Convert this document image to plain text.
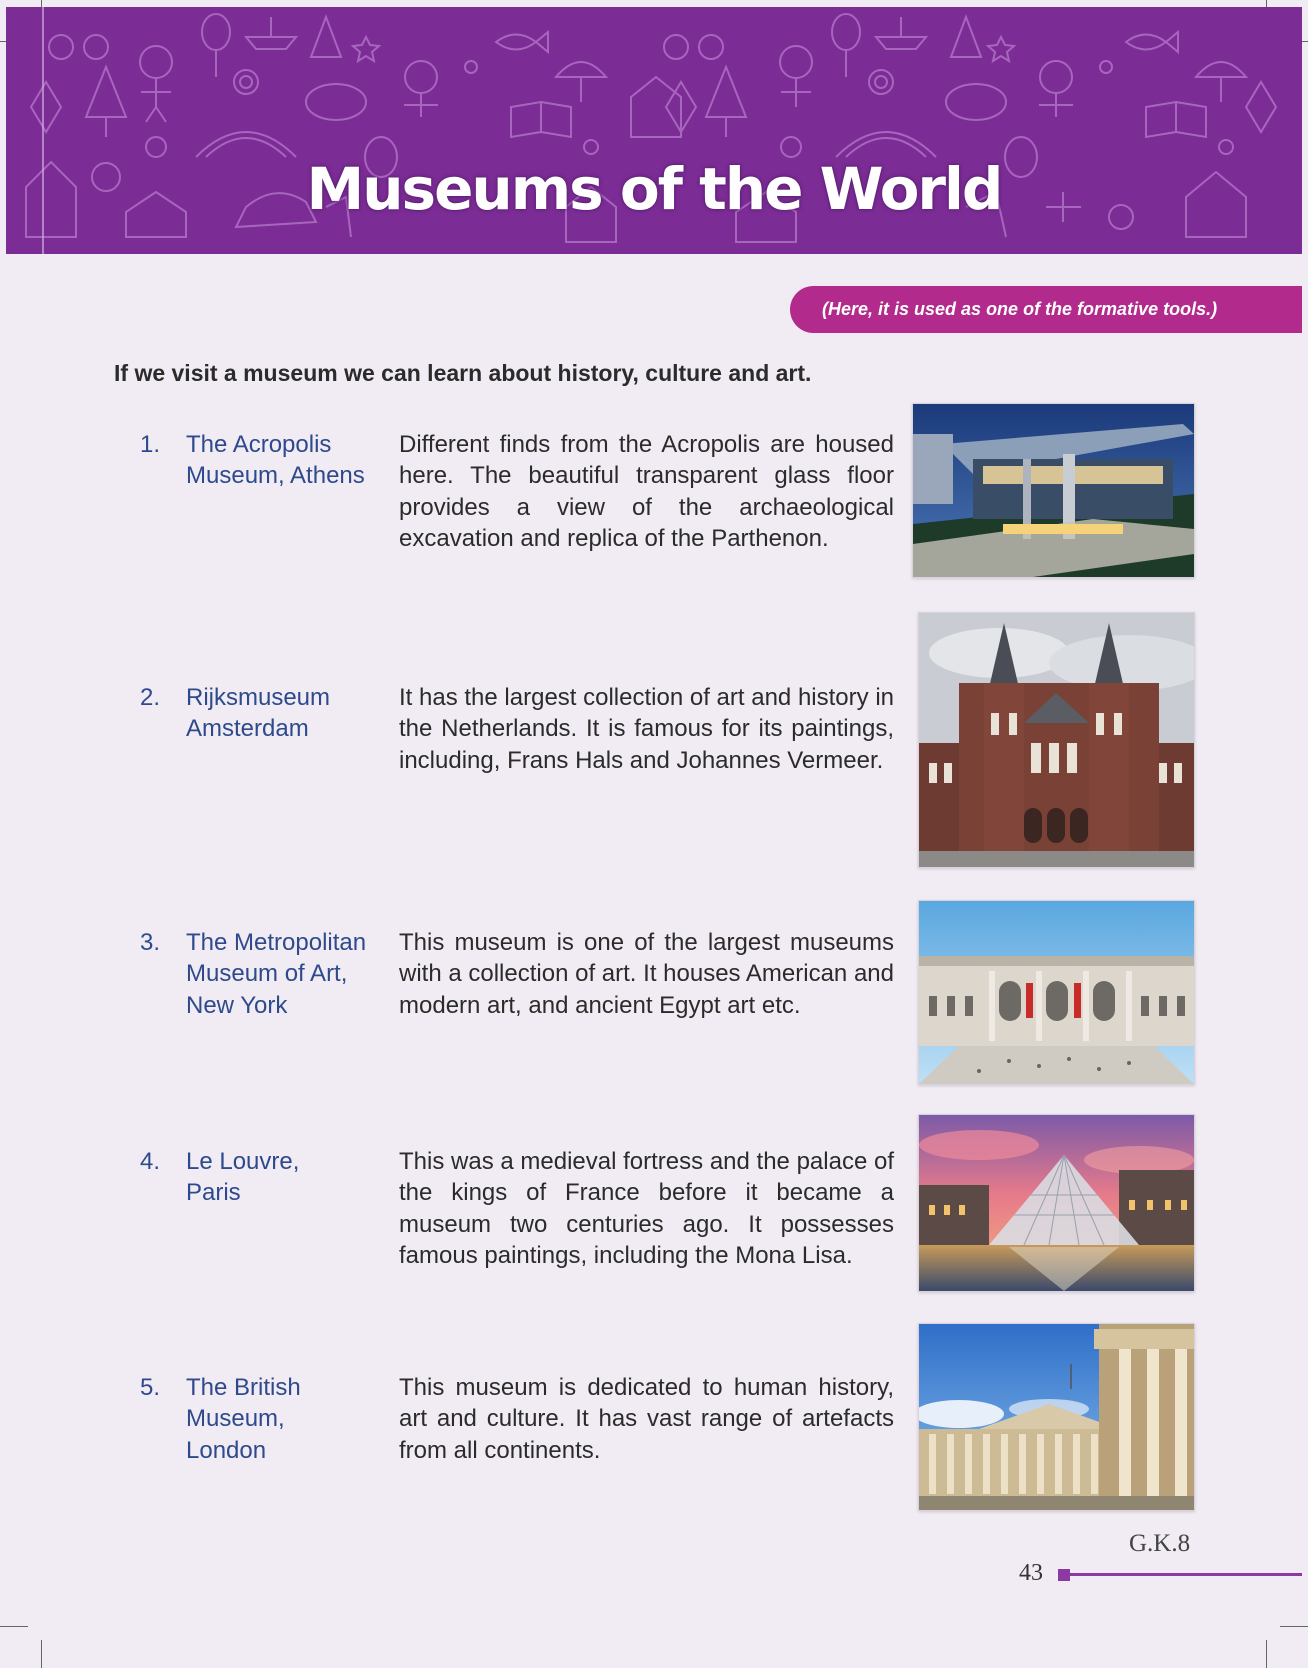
Museums of the World
(Here, it is used as one of the formative tools.)
If we visit a museum we can learn about history, culture and art.
1. The Acropolis Museum, Athens
Different finds from the Acropolis are housed here. The beautiful transparent glass floor provides a view of the archaeological excavation and replica of the Parthenon.
2. Rijksmuseum Amsterdam
It has the largest collection of art and history in the Netherlands. It is famous for its paintings, including, Frans Hals and Johannes Vermeer.
3. The Metropolitan Museum of Art, New York
This museum is one of the largest museums with a collection of art. It houses American and modern art, and ancient Egypt art etc.
4. Le Louvre, Paris
This was a medieval fortress and the palace of the kings of France before it became a museum two centuries ago. It possesses famous paintings, including the Mona Lisa.
5. The British Museum, London
This museum is dedicated to human history, art and culture. It has vast range of artefacts from all continents.
G.K.8
43
